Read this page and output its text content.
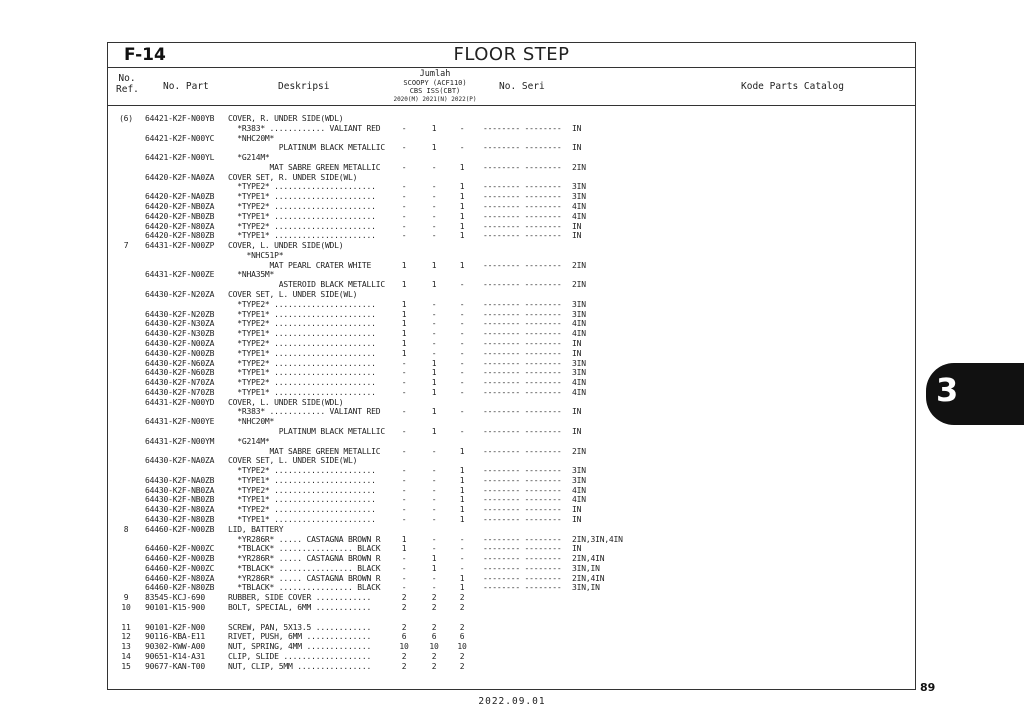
F-14	FLOOR STEP
No.
Ref.	No. Part	Deskripsi
Jumlah
SCOOPY (ACF110)
CBS ISS(CBT)
2020(M) 2021(N) 2022(P)
No. Seri	Kode Parts Catalog
(6)	64421-K2F-N00YB COVER, R. UNDER SIDE(WDL)
*R383* ............ VALIANT RED	-	1	-	-------- -------- IN
64421-K2F-N00YC *NHC20M*
PLATINUM BLACK METALLIC	-	1	-	-------- -------- IN
64421-K2F-N00YL *G214M*
MAT SABRE GREEN METALLIC	-	-	1	-------- -------- 2IN
64420-K2F-NA0ZA COVER SET, R. UNDER SIDE(WL)
*TYPE2* ......................	-	-	1	-------- -------- 3IN
64420-K2F-NA0ZB *TYPE1* ......................	-	-	1	-------- -------- 3IN
64420-K2F-NB0ZA *TYPE2* ......................	-	-	1	-------- -------- 4IN
64420-K2F-NB0ZB *TYPE1* ......................	-	-	1	-------- -------- 4IN
64420-K2F-N80ZA *TYPE2* ......................	-	-	1	-------- -------- IN
64420-K2F-N80ZB *TYPE1* ......................	-	-	1	-------- -------- IN
7	64431-K2F-N00ZP COVER, L. UNDER SIDE(WDL)
*NHC51P*
MAT PEARL CRATER WHITE	1	1	1	-------- -------- 2IN
64431-K2F-N00ZE *NHA35M*
ASTEROID BLACK METALLIC	1	1	-	-------- -------- 2IN
64430-K2F-N20ZA COVER SET, L. UNDER SIDE(WL)
*TYPE2* ......................	1	-	-	-------- -------- 3IN
64430-K2F-N20ZB *TYPE1* ......................	1	-	-	-------- -------- 3IN
64430-K2F-N30ZA *TYPE2* ......................	1	-	-	-------- -------- 4IN
64430-K2F-N30ZB *TYPE1* ......................	1	-	-	-------- -------- 4IN
64430-K2F-N00ZA *TYPE2* ......................	1	-	-	-------- -------- IN
64430-K2F-N00ZB *TYPE1* ......................	1	-	-	-------- -------- IN
64430-K2F-N60ZA *TYPE2* ......................	-	1	-	-------- -------- 3IN
64430-K2F-N60ZB *TYPE1* ......................	-	1	-	-------- -------- 3IN
64430-K2F-N70ZA *TYPE2* ......................	-	1	-	-------- -------- 4IN
64430-K2F-N70ZB *TYPE1* ......................	-	1	-	-------- -------- 4IN
64431-K2F-N00YD COVER, L. UNDER SIDE(WDL)
*R383* ............ VALIANT RED	-	1	-	-------- -------- IN
64431-K2F-N00YE *NHC20M*
PLATINUM BLACK METALLIC	-	1	-	-------- -------- IN
64431-K2F-N00YM *G214M*
MAT SABRE GREEN METALLIC	-	-	1	-------- -------- 2IN
64430-K2F-NA0ZA COVER SET, L. UNDER SIDE(WL)
*TYPE2* ......................	-	-	1	-------- -------- 3IN
64430-K2F-NA0ZB *TYPE1* ......................	-	-	1	-------- -------- 3IN
64430-K2F-NB0ZA *TYPE2* ......................	-	-	1	-------- -------- 4IN
64430-K2F-NB0ZB *TYPE1* ......................	-	-	1	-------- -------- 4IN
64430-K2F-N80ZA *TYPE2* ......................	-	-	1	-------- -------- IN
64430-K2F-N80ZB *TYPE1* ......................	-	-	1	-------- -------- IN
8	64460-K2F-N00ZB LID, BATTERY
*YR286R* ..... CASTAGNA BROWN R	1	-	-	-------- -------- 2IN,3IN,4IN
64460-K2F-N00ZC *TBLACK* ................ BLACK	1	-	-	-------- -------- IN
64460-K2F-N00ZB *YR286R* ..... CASTAGNA BROWN R	-	1	-	-------- -------- 2IN,4IN
64460-K2F-N00ZC *TBLACK* ................ BLACK	-	1	-	-------- -------- 3IN,IN
64460-K2F-N80ZA *YR286R* ..... CASTAGNA BROWN R	-	-	1	-------- -------- 2IN,4IN
64460-K2F-N80ZB *TBLACK* ................ BLACK	-	-	1	-------- -------- 3IN,IN
9	83545-KCJ-690	RUBBER, SIDE COVER ............	2	2	2
10	90101-K15-900	BOLT, SPECIAL, 6MM ............	2	2	2
11	90101-K2F-N00	SCREW, PAN, 5X13.5 ............	2	2	2
12	90116-KBA-E11	RIVET, PUSH, 6MM ..............	6	6	6
13	90302-KWW-A00	NUT, SPRING, 4MM ..............	10	10 10
14	90651-K14-A31	CLIP, SLIDE ...................	2	2	2
15	90677-KAN-T00	NUT, CLIP, 5MM ................	2	2	2
3
89
2022.09.01
